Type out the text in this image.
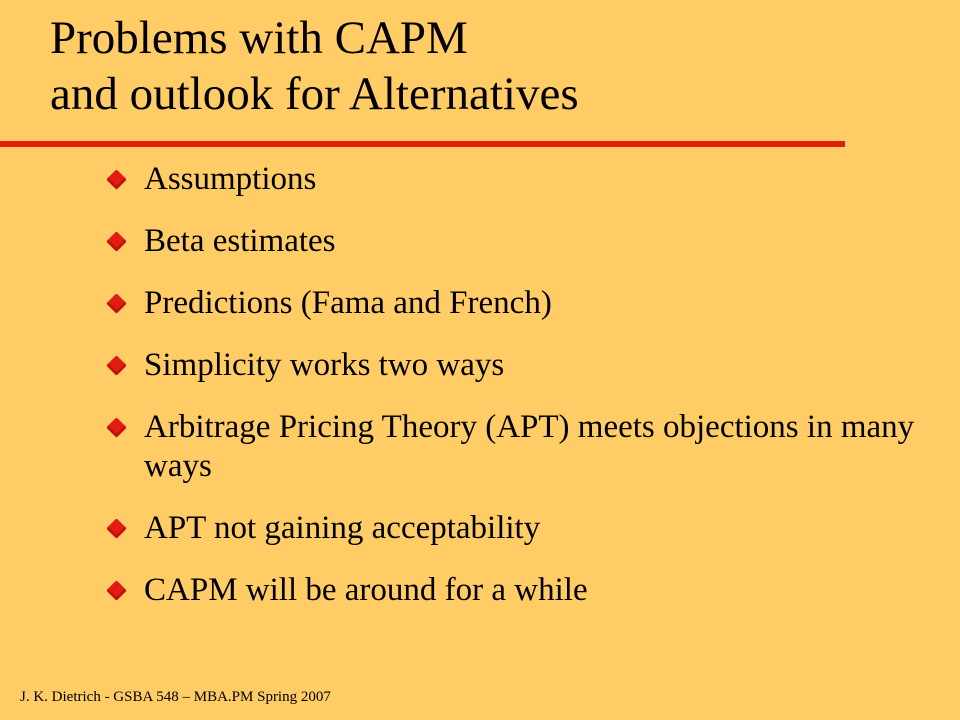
Problems with CAPM
and outlook for Alternatives
Assumptions
Beta estimates
Predictions (Fama and French)
Simplicity works two ways
Arbitrage Pricing Theory (APT) meets objections in many ways
APT not gaining acceptability
CAPM will be around for a while
J. K. Dietrich - GSBA 548 – MBA.PM Spring 2007
